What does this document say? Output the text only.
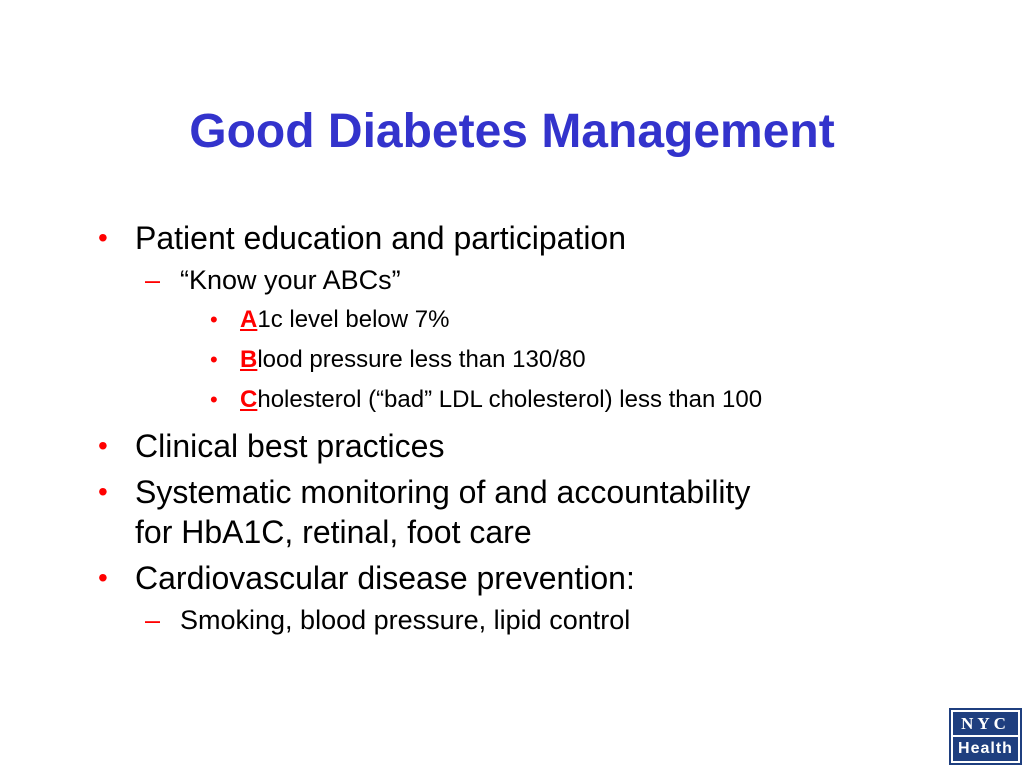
Good Diabetes Management
• Patient education and participation
– “Know your ABCs”
• A1c level below 7%
• Blood pressure less than 130/80
• Cholesterol (“bad” LDL cholesterol) less than 100
• Clinical best practices
• Systematic monitoring of and accountability
for HbA1C, retinal, foot care
• Cardiovascular disease prevention:
– Smoking, blood pressure, lipid control
NYC
Health
